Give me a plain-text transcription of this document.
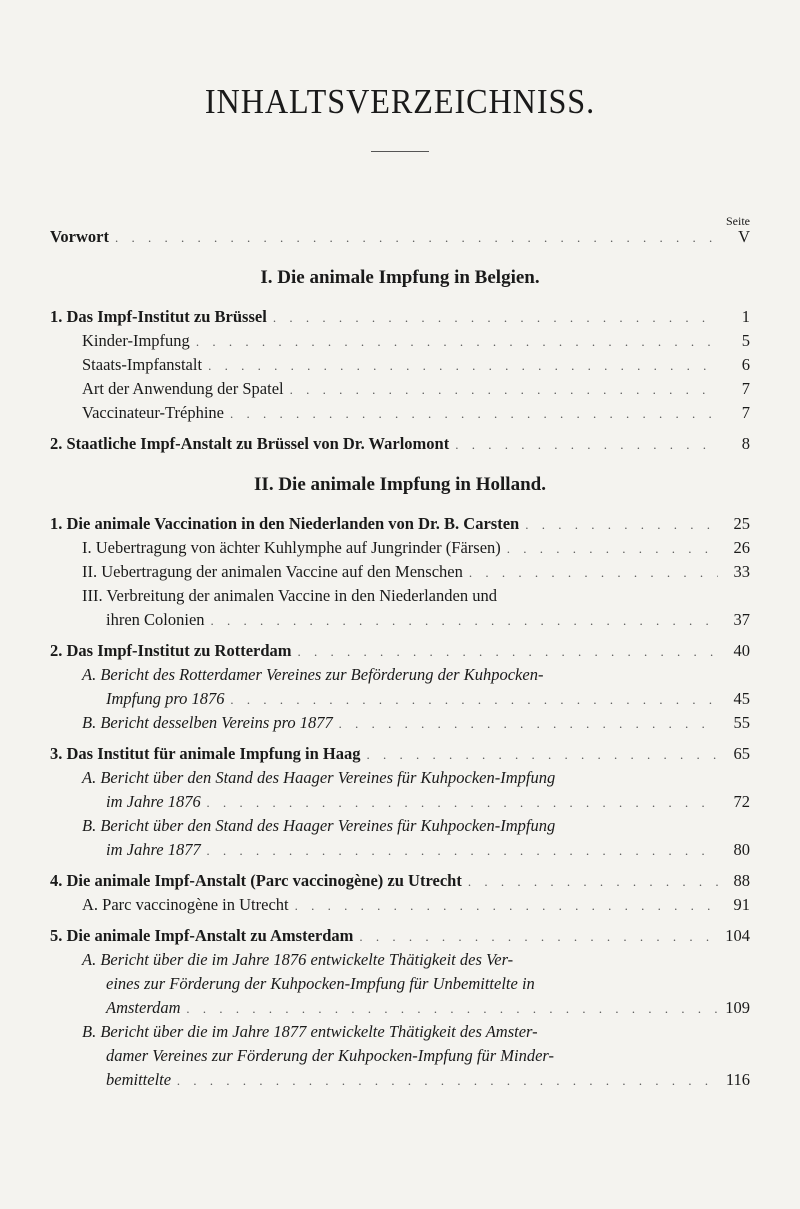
INHALTSVERZEICHNISS.
Seite
Vorwort . . .	V
I. Die animale Impfung in Belgien.
1. Das Impf-Institut zu Brüssel . . .	1
Kinder-Impfung . . .	5
Staats-Impfanstalt . . .	6
Art der Anwendung der Spatel . . .	7
Vaccinateur-Tréphine . . .	7
2. Staatliche Impf-Anstalt zu Brüssel von Dr. Warlomont . . .	8
II. Die animale Impfung in Holland.
1. Die animale Vaccination in den Niederlanden von Dr. B. Carsten . . .	25
I. Uebertragung von ächter Kuhlymphe auf Jungrinder (Färsen) . . .	26
II. Uebertragung der animalen Vaccine auf den Menschen . . .	33
III. Verbreitung der animalen Vaccine in den Niederlanden und
ihren Colonien . . .	37
2. Das Impf-Institut zu Rotterdam . . .	40
A. Bericht des Rotterdamer Vereines zur Beförderung der Kuhpocken-
Impfung pro 1876 . . .	45
B. Bericht desselben Vereins pro 1877 . . .	55
3. Das Institut für animale Impfung in Haag . . .	65
A. Bericht über den Stand des Haager Vereines für Kuhpocken-Impfung
im Jahre 1876 . . .	72
B. Bericht über den Stand des Haager Vereines für Kuhpocken-Impfung
im Jahre 1877 . . .	80
4. Die animale Impf-Anstalt (Parc vaccinogène) zu Utrecht . . .	88
A. Parc vaccinogène in Utrecht . . .	91
5. Die animale Impf-Anstalt zu Amsterdam . . .	104
A. Bericht über die im Jahre 1876 entwickelte Thätigkeit des Ver-
eines zur Förderung der Kuhpocken-Impfung für Unbemittelte in
Amsterdam . . .	109
B. Bericht über die im Jahre 1877 entwickelte Thätigkeit des Amster-
damer Vereines zur Förderung der Kuhpocken-Impfung für Minder-
bemittelte . . .	116
